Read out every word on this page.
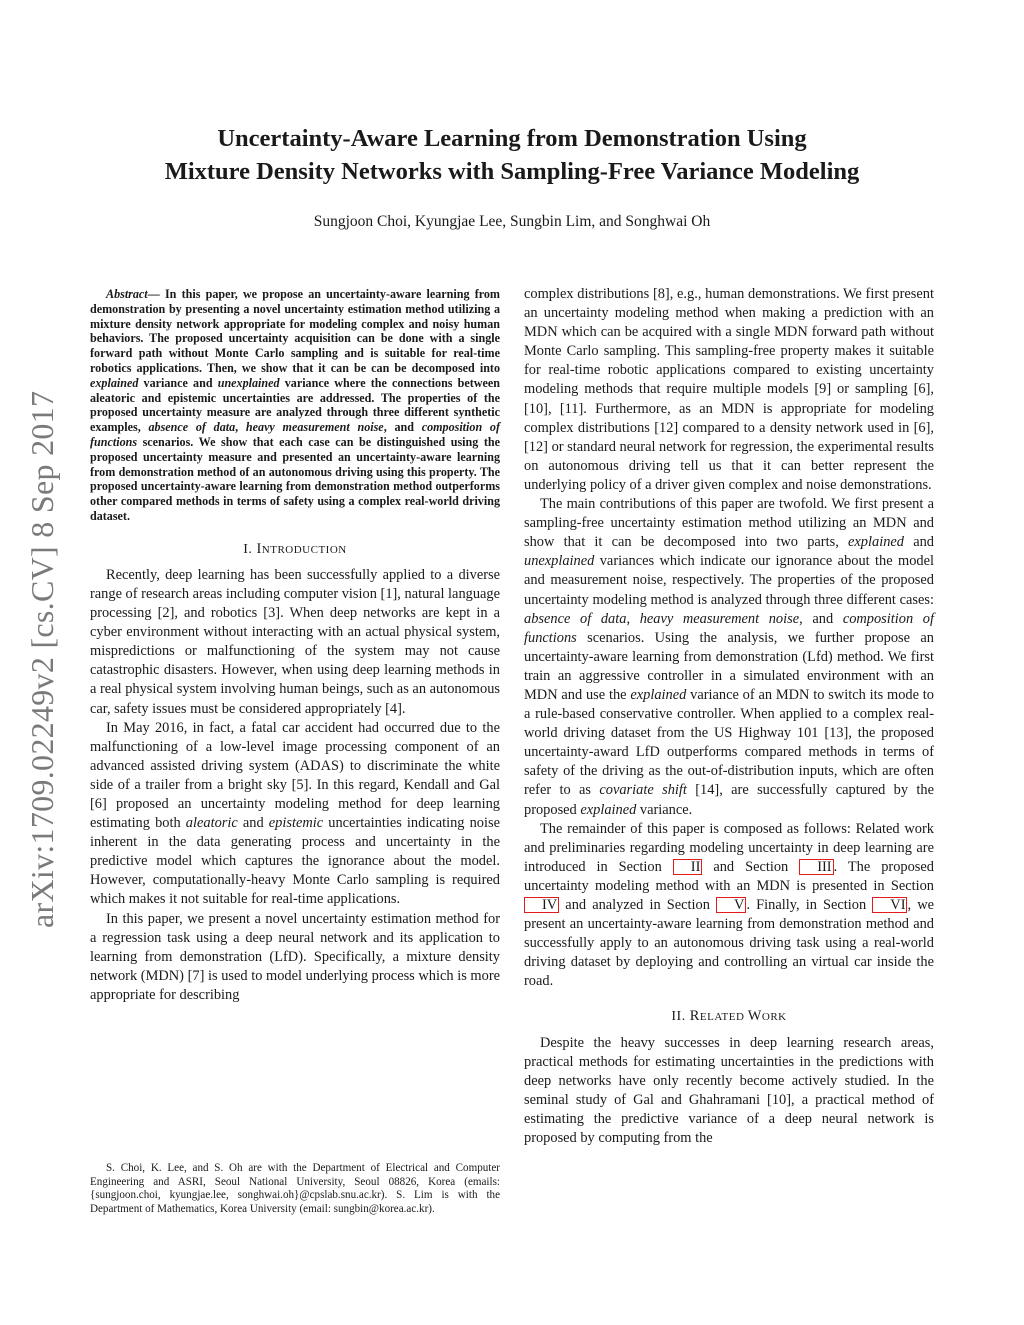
Uncertainty-Aware Learning from Demonstration Using
Mixture Density Networks with Sampling-Free Variance Modeling

Sungjoon Choi, Kyungjae Lee, Sungbin Lim, and Songhwai Oh

arXiv:1709.02249v2 [cs.CV] 8 Sep 2017

Abstract— In this paper, we propose an uncertainty-aware learning from demonstration by presenting a novel uncertainty estimation method utilizing a mixture density network appropriate for modeling complex and noisy human behaviors. The proposed uncertainty acquisition can be done with a single forward path without Monte Carlo sampling and is suitable for real-time robotics applications. Then, we show that it can be can be decomposed into explained variance and unexplained variance where the connections between aleatoric and epistemic uncertainties are addressed. The properties of the proposed uncertainty measure are analyzed through three different synthetic examples, absence of data, heavy measurement noise, and composition of functions scenarios. We show that each case can be distinguished using the proposed uncertainty measure and presented an uncertainty-aware learning from demonstration method of an autonomous driving using this property. The proposed uncertainty-aware learning from demonstration method outperforms other compared methods in terms of safety using a complex real-world driving dataset.

I. INTRODUCTION

Recently, deep learning has been successfully applied to a diverse range of research areas including computer vision [1], natural language processing [2], and robotics [3]. When deep networks are kept in a cyber environment without interacting with an actual physical system, mispredictions or malfunctioning of the system may not cause catastrophic disasters. However, when using deep learning methods in a real physical system involving human beings, such as an autonomous car, safety issues must be considered appropriately [4].

In May 2016, in fact, a fatal car accident had occurred due to the malfunctioning of a low-level image processing component of an advanced assisted driving system (ADAS) to discriminate the white side of a trailer from a bright sky [5]. In this regard, Kendall and Gal [6] proposed an uncertainty modeling method for deep learning estimating both aleatoric and epistemic uncertainties indicating noise inherent in the data generating process and uncertainty in the predictive model which captures the ignorance about the model. However, computationally-heavy Monte Carlo sampling is required which makes it not suitable for real-time applications.

In this paper, we present a novel uncertainty estimation method for a regression task using a deep neural network and its application to learning from demonstration (LfD). Specifically, a mixture density network (MDN) [7] is used to model underlying process which is more appropriate for describing

S. Choi, K. Lee, and S. Oh are with the Department of Electrical and Computer Engineering and ASRI, Seoul National University, Seoul 08826, Korea (emails: {sungjoon.choi, kyungjae.lee, songhwai.oh}@cpslab.snu.ac.kr). S. Lim is with the Department of Mathematics, Korea University (email: sungbin@korea.ac.kr).

complex distributions [8], e.g., human demonstrations. We first present an uncertainty modeling method when making a prediction with an MDN which can be acquired with a single MDN forward path without Monte Carlo sampling. This sampling-free property makes it suitable for real-time robotic applications compared to existing uncertainty modeling methods that require multiple models [9] or sampling [6], [10], [11]. Furthermore, as an MDN is appropriate for modeling complex distributions [12] compared to a density network used in [6], [12] or standard neural network for regression, the experimental results on autonomous driving tell us that it can better represent the underlying policy of a driver given complex and noise demonstrations.

The main contributions of this paper are twofold. We first present a sampling-free uncertainty estimation method utilizing an MDN and show that it can be decomposed into two parts, explained and unexplained variances which indicate our ignorance about the model and measurement noise, respectively. The properties of the proposed uncertainty modeling method is analyzed through three different cases: absence of data, heavy measurement noise, and composition of functions scenarios. Using the analysis, we further propose an uncertainty-aware learning from demonstration (Lfd) method. We first train an aggressive controller in a simulated environment with an MDN and use the explained variance of an MDN to switch its mode to a rule-based conservative controller. When applied to a complex real-world driving dataset from the US Highway 101 [13], the proposed uncertainty-award LfD outperforms compared methods in terms of safety of the driving as the out-of-distribution inputs, which are often refer to as covariate shift [14], are successfully captured by the proposed explained variance.

The remainder of this paper is composed as follows: Related work and preliminaries regarding modeling uncertainty in deep learning are introduced in Section II and Section III . The proposed uncertainty modeling method with an MDN is presented in Section IV and analyzed in Section V . Finally, in Section VI , we present an uncertainty-aware learning from demonstration method and successfully apply to an autonomous driving task using a real-world driving dataset by deploying and controlling an virtual car inside the road.

II. RELATED WORK

Despite the heavy successes in deep learning research areas, practical methods for estimating uncertainties in the predictions with deep networks have only recently become actively studied. In the seminal study of Gal and Ghahramani [10], a practical method of estimating the predictive variance of a deep neural network is proposed by computing from the
